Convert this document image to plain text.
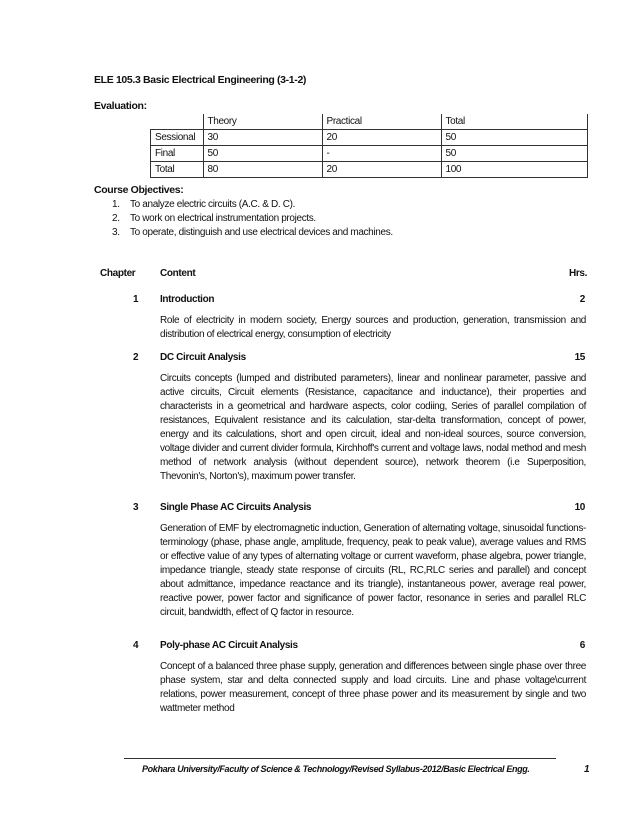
ELE 105.3 Basic Electrical Engineering (3-1-2)
Evaluation:
	Theory	Practical	Total
Sessional	30	20	50
Final	50	-	50
Total	80	20	100
Course Objectives:
1. To analyze electric circuits (A.C. & D. C).
2. To work on electrical instrumentation projects.
3. To operate, distinguish and use electrical devices and machines.
Chapter Content	Hrs.
1 Introduction	2
Role of electricity in modern society, Energy sources and production, generation, transmission and distribution of electrical energy, consumption of electricity
2 DC Circuit Analysis	15
Circuits concepts (lumped and distributed parameters), linear and nonlinear parameter, passive and active circuits, Circuit elements (Resistance, capacitance and inductance), their properties and characterists in a geometrical and hardware aspects, color codiing, Series of parallel compilation of resistances, Equivalent resistance and its calculation, star-delta transformation, concept of power, energy and its calculations, short and open circuit, ideal and non-ideal sources, source conversion, voltage divider and current divider formula, Kirchhoff's current and voltage laws, nodal method and mesh method of network analysis (without dependent source), network theorem (i.e Superposition, Thevonin's, Norton's), maximum power transfer.
3 Single Phase AC Circuits Analysis	10
Generation of EMF by electromagnetic induction, Generation of alternating voltage, sinusoidal functions-terminology (phase, phase angle, amplitude, frequency, peak to peak value), average values and RMS or effective value of any types of alternating voltage or current waveform, phase algebra, power triangle, impedance triangle, steady state response of circuits (RL, RC,RLC series and parallel) and concept about admittance, impedance reactance and its triangle), instantaneous power, average real power, reactive power, power factor and significance of power factor, resonance in series and parallel RLC circuit, bandwidth, effect of Q factor in resource.
4 Poly-phase AC Circuit Analysis	6
Concept of a balanced three phase supply, generation and differences between single phase over three phase system, star and delta connected supply and load circuits. Line and phase voltage\current relations, power measurement, concept of three phase power and its measurement by single and two wattmeter method
Pokhara University/Faculty of Science & Technology/Revised Syllabus-2012/Basic Electrical Engg.	1
